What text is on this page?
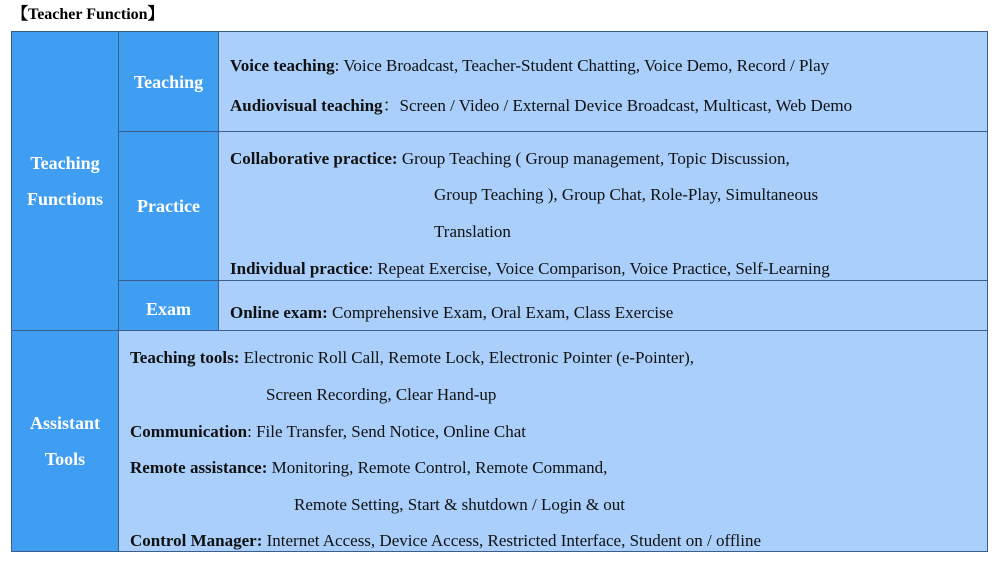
【Teacher Function】
Teaching
Functions
Teaching
Voice teaching: Voice Broadcast, Teacher-Student Chatting, Voice Demo, Record / Play
Audiovisual teaching：Screen / Video / External Device Broadcast, Multicast, Web Demo
Practice
Collaborative practice: Group Teaching ( Group management, Topic Discussion,
Group Teaching ), Group Chat, Role-Play, Simultaneous
Translation
Individual practice: Repeat Exercise, Voice Comparison, Voice Practice, Self-Learning
Exam Online exam: Comprehensive Exam, Oral Exam, Class Exercise
Assistant
Tools
Teaching tools: Electronic Roll Call, Remote Lock, Electronic Pointer (e-Pointer),
Screen Recording, Clear Hand-up
Communication: File Transfer, Send Notice, Online Chat
Remote assistance: Monitoring, Remote Control, Remote Command,
Remote Setting, Start & shutdown / Login & out
Control Manager: Internet Access, Device Access, Restricted Interface, Student on / offline
